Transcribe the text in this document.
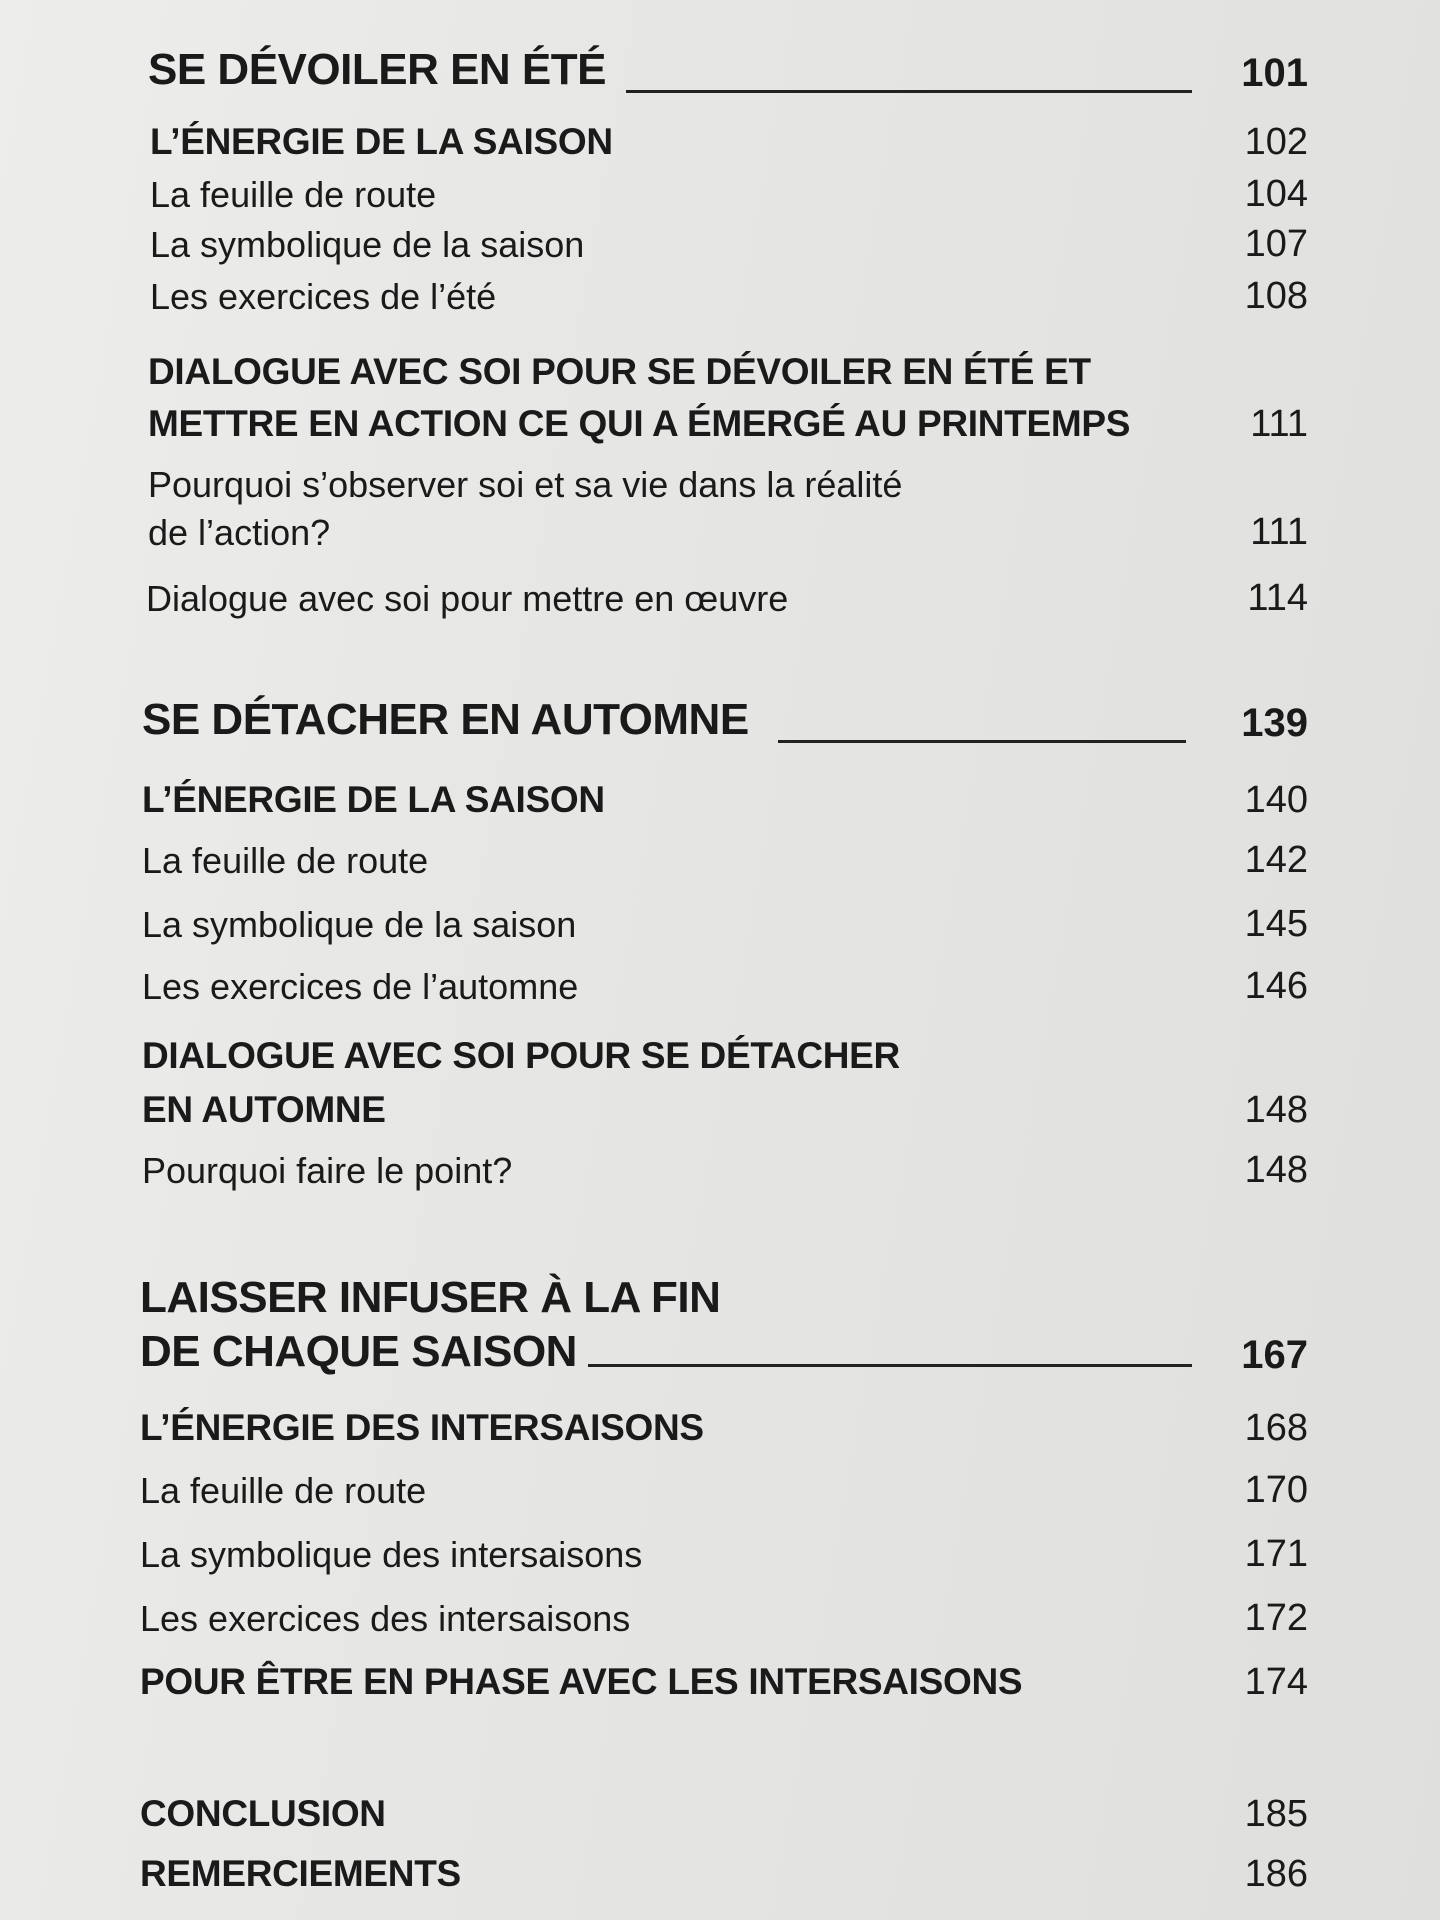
SE DÉVOILER EN ÉTÉ	101
L’ÉNERGIE DE LA SAISON	102
La feuille de route	104
La symbolique de la saison	107
Les exercices de l’été	108
DIALOGUE AVEC SOI POUR SE DÉVOILER EN ÉTÉ ET
METTRE EN ACTION CE QUI A ÉMERGÉ AU PRINTEMPS	111
Pourquoi s’observer soi et sa vie dans la réalité
de l’action?	111
Dialogue avec soi pour mettre en œuvre	114
SE DÉTACHER EN AUTOMNE	139
L’ÉNERGIE DE LA SAISON	140
La feuille de route	142
La symbolique de la saison	145
Les exercices de l’automne	146
DIALOGUE AVEC SOI POUR SE DÉTACHER
EN AUTOMNE	148
Pourquoi faire le point?	148
LAISSER INFUSER À LA FIN
DE CHAQUE SAISON	167
L’ÉNERGIE DES INTERSAISONS	168
La feuille de route	170
La symbolique des intersaisons	171
Les exercices des intersaisons	172
POUR ÊTRE EN PHASE AVEC LES INTERSAISONS	174
CONCLUSION	185
REMERCIEMENTS	186
